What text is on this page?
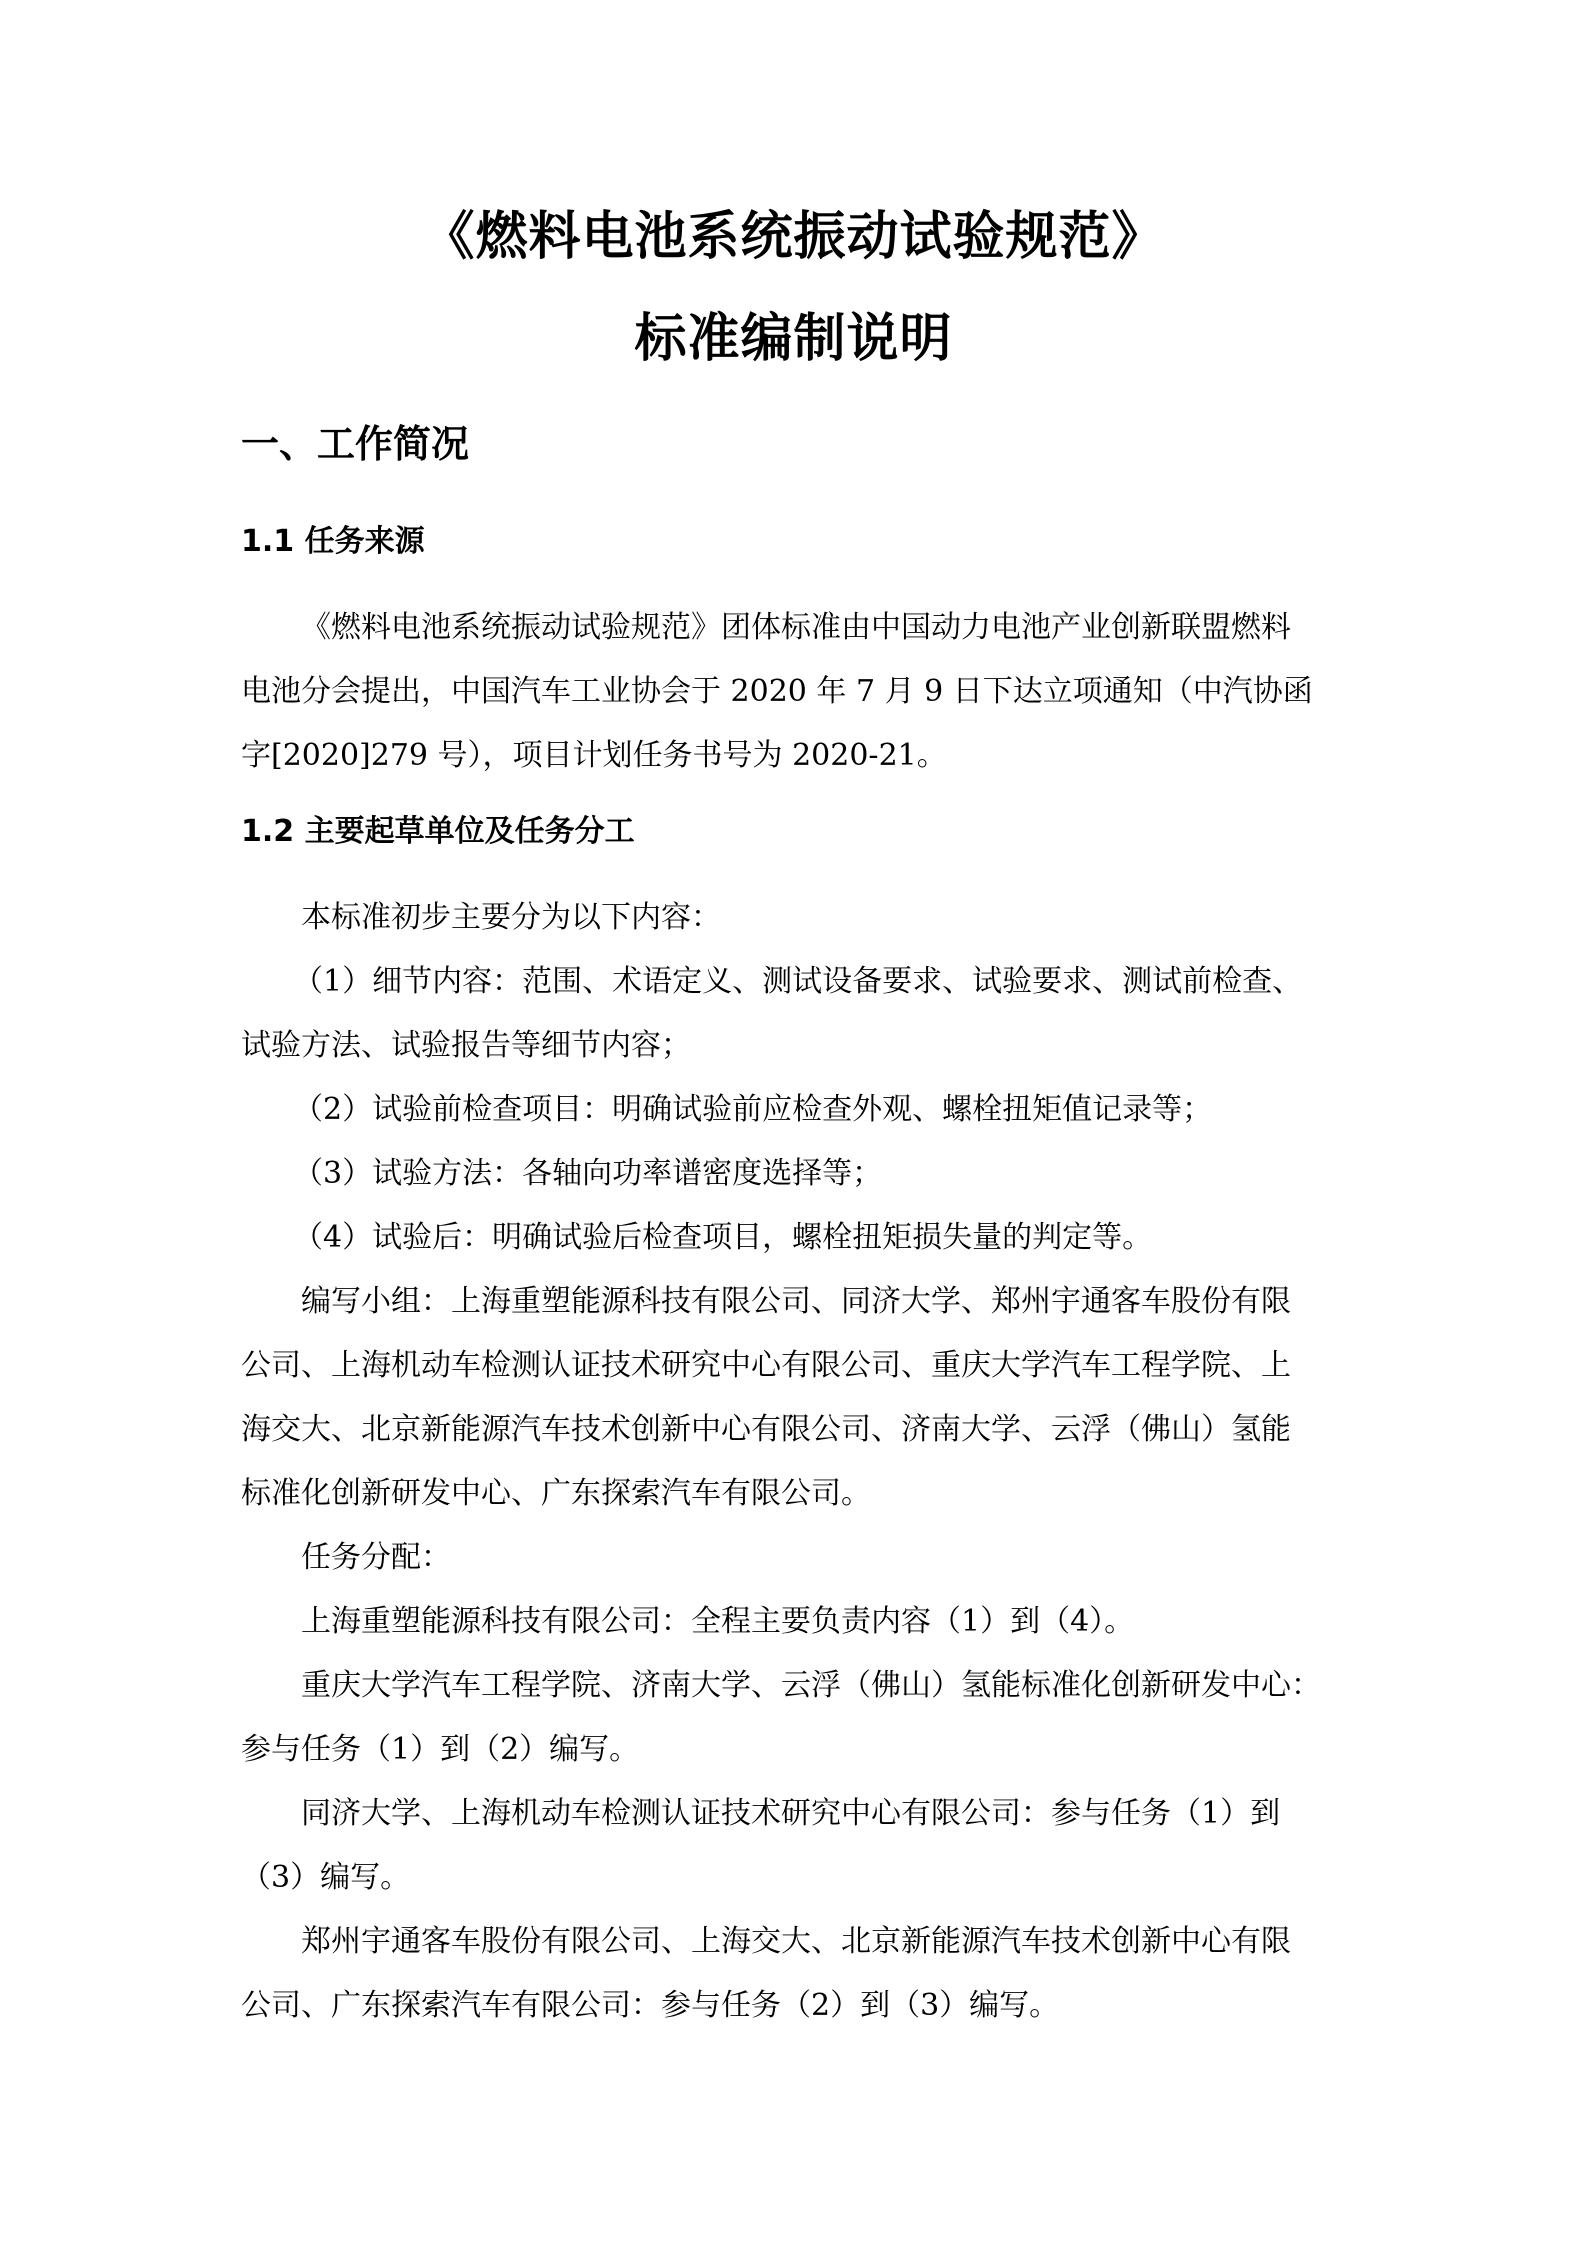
《燃料电池系统振动试验规范》
标准编制说明
一、工作简况
1.1 任务来源
《燃料电池系统振动试验规范》团体标准由中国动力电池产业创新联盟燃料
电池分会提出，中国汽车工业协会于 2020 年 7 月 9 日下达立项通知（中汽协函
字[2020]279 号），项目计划任务书号为 2020-21。
1.2 主要起草单位及任务分工
本标准初步主要分为以下内容：
（1）细节内容：范围、术语定义、测试设备要求、试验要求、测试前检查、
试验方法、试验报告等细节内容；
（2）试验前检查项目：明确试验前应检查外观、螺栓扭矩值记录等；
（3）试验方法：各轴向功率谱密度选择等；
（4）试验后：明确试验后检查项目，螺栓扭矩损失量的判定等。
编写小组：上海重塑能源科技有限公司、同济大学、郑州宇通客车股份有限
公司、上海机动车检测认证技术研究中心有限公司、重庆大学汽车工程学院、上
海交大、北京新能源汽车技术创新中心有限公司、济南大学、云浮（佛山）氢能
标准化创新研发中心、广东探索汽车有限公司。
任务分配：
上海重塑能源科技有限公司：全程主要负责内容（1）到（4）。
重庆大学汽车工程学院、济南大学、云浮（佛山）氢能标准化创新研发中心：
参与任务（1）到（2）编写。
同济大学、上海机动车检测认证技术研究中心有限公司：参与任务（1）到
（3）编写。
郑州宇通客车股份有限公司、上海交大、北京新能源汽车技术创新中心有限
公司、广东探索汽车有限公司：参与任务（2）到（3）编写。
